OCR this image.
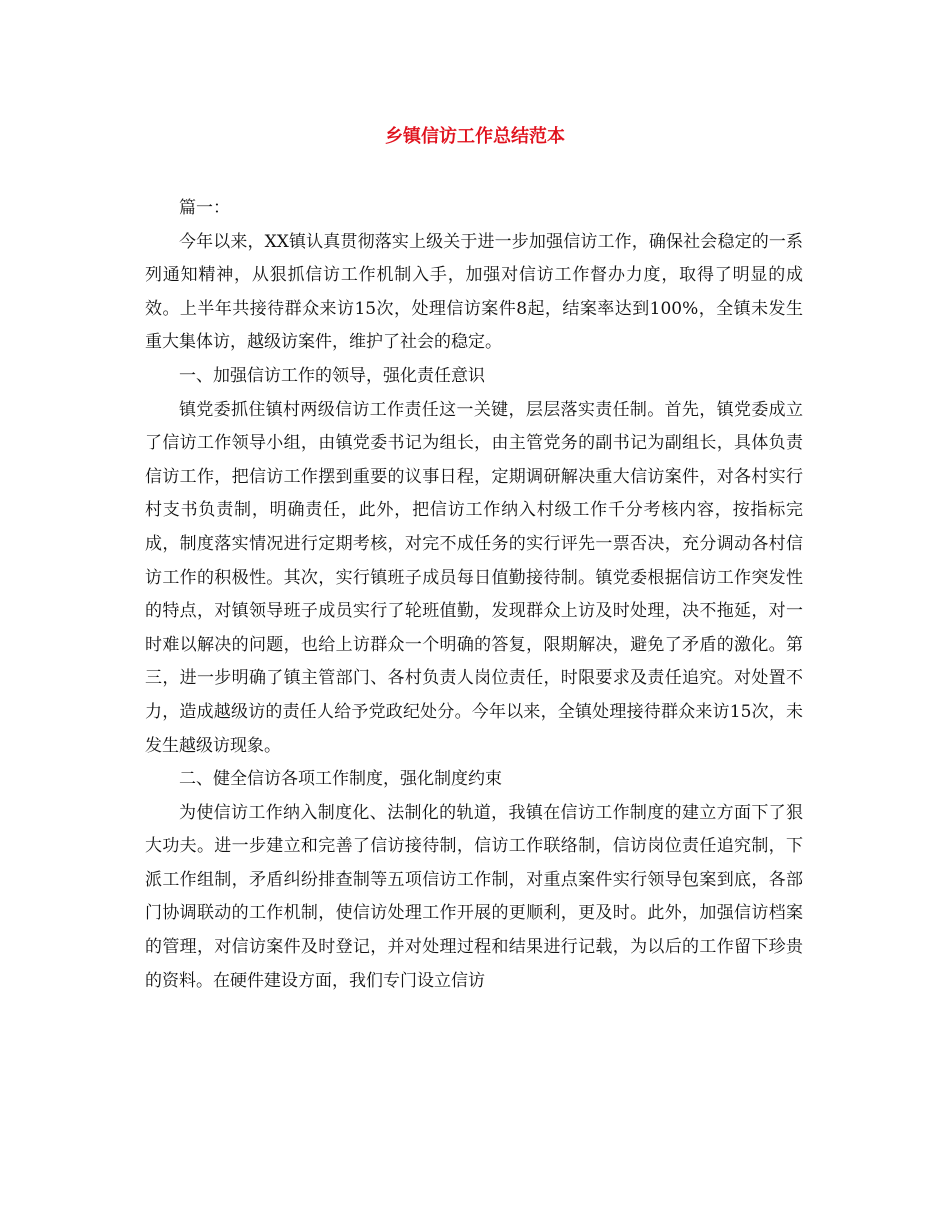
乡镇信访工作总结范本

篇一：

今年以来，XX镇认真贯彻落实上级关于进一步加强信访工作，确保社会稳定的一系列通知精神，从狠抓信访工作机制入手，加强对信访工作督办力度，取得了明显的成效。上半年共接待群众来访15次，处理信访案件8起，结案率达到100%，全镇未发生重大集体访，越级访案件，维护了社会的稳定。

一、加强信访工作的领导，强化责任意识

镇党委抓住镇村两级信访工作责任这一关键，层层落实责任制。首先，镇党委成立了信访工作领导小组，由镇党委书记为组长，由主管党务的副书记为副组长，具体负责信访工作，把信访工作摆到重要的议事日程，定期调研解决重大信访案件，对各村实行村支书负责制，明确责任，此外，把信访工作纳入村级工作千分考核内容，按指标完成，制度落实情况进行定期考核，对完不成任务的实行评先一票否决，充分调动各村信访工作的积极性。其次，实行镇班子成员每日值勤接待制。镇党委根据信访工作突发性的特点，对镇领导班子成员实行了轮班值勤，发现群众上访及时处理，决不拖延，对一时难以解决的问题，也给上访群众一个明确的答复，限期解决，避免了矛盾的激化。第三，进一步明确了镇主管部门、各村负责人岗位责任，时限要求及责任追究。对处置不力，造成越级访的责任人给予党政纪处分。今年以来，全镇处理接待群众来访15次，未发生越级访现象。

二、健全信访各项工作制度，强化制度约束

为使信访工作纳入制度化、法制化的轨道，我镇在信访工作制度的建立方面下了狠大功夫。进一步建立和完善了信访接待制，信访工作联络制，信访岗位责任追究制，下派工作组制，矛盾纠纷排查制等五项信访工作制，对重点案件实行领导包案到底，各部门协调联动的工作机制，使信访处理工作开展的更顺利，更及时。此外，加强信访档案的管理，对信访案件及时登记，并对处理过程和结果进行记载，为以后的工作留下珍贵的资料。在硬件建设方面，我们专门设立信访
